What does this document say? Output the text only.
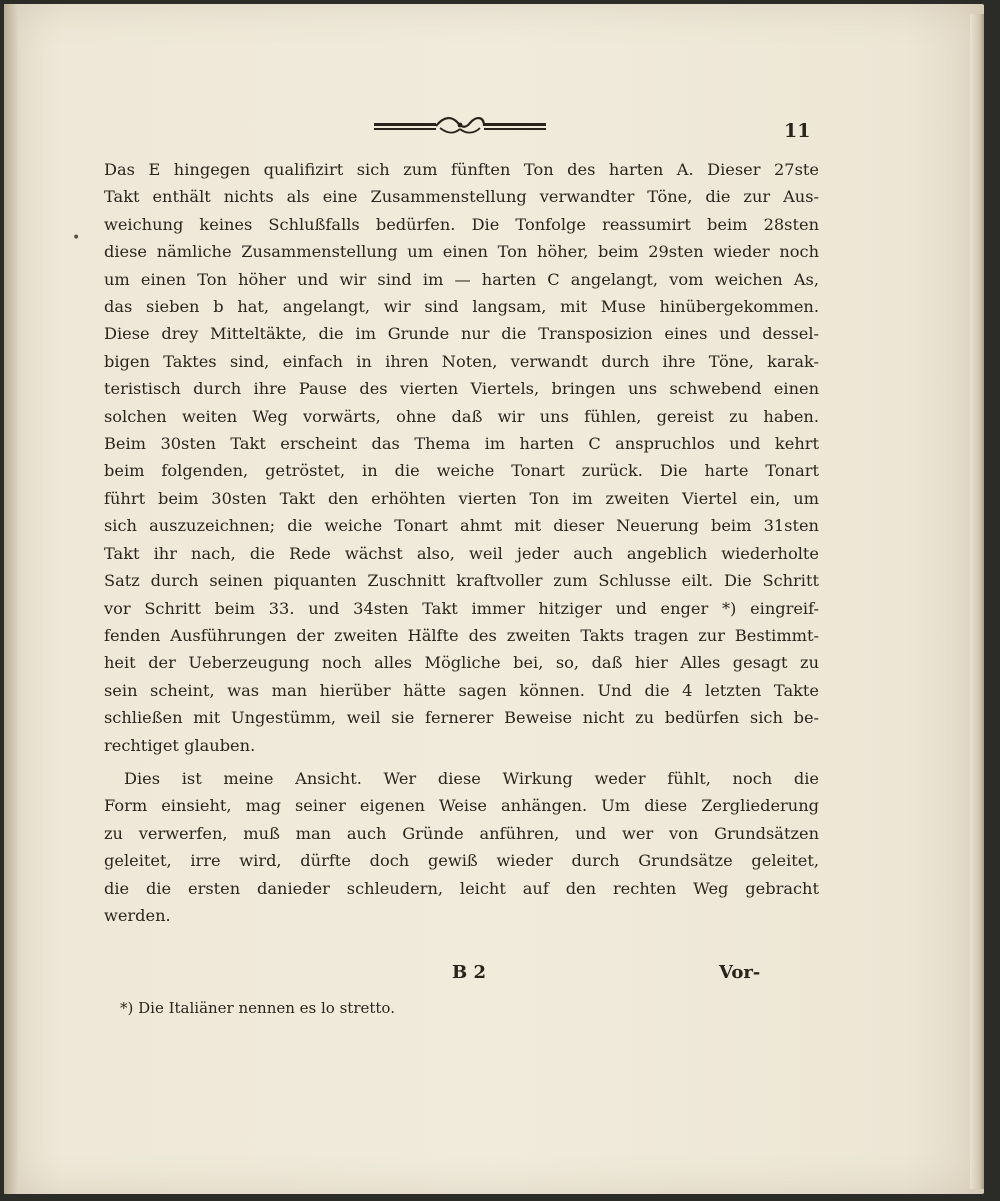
11
•
Das E hingegen qualifizirt sich zum fünften Ton des harten A. Dieser 27ste
Takt enthält nichts als eine Zusammenstellung verwandter Töne, die zur Aus-
weichung keines Schlußfalls bedürfen. Die Tonfolge reassumirt beim 28sten
diese nämliche Zusammenstellung um einen Ton höher, beim 29sten wieder noch
um einen Ton höher und wir sind im — harten C angelangt, vom weichen As,
das sieben b hat, angelangt, wir sind langsam, mit Muse hinübergekommen.
Diese drey Mitteltäkte, die im Grunde nur die Transposizion eines und dessel-
bigen Taktes sind, einfach in ihren Noten, verwandt durch ihre Töne, karak-
teristisch durch ihre Pause des vierten Viertels, bringen uns schwebend einen
solchen weiten Weg vorwärts, ohne daß wir uns fühlen, gereist zu haben.
Beim 30sten Takt erscheint das Thema im harten C anspruchlos und kehrt
beim folgenden, getröstet, in die weiche Tonart zurück. Die harte Tonart
führt beim 30sten Takt den erhöhten vierten Ton im zweiten Viertel ein, um
sich auszuzeichnen; die weiche Tonart ahmt mit dieser Neuerung beim 31sten
Takt ihr nach, die Rede wächst also, weil jeder auch angeblich wiederholte
Satz durch seinen piquanten Zuschnitt kraftvoller zum Schlusse eilt. Die Schritt
vor Schritt beim 33. und 34sten Takt immer hitziger und enger *) eingreif-
fenden Ausführungen der zweiten Hälfte des zweiten Takts tragen zur Bestimmt-
heit der Ueberzeugung noch alles Mögliche bei, so, daß hier Alles gesagt zu
sein scheint, was man hierüber hätte sagen können. Und die 4 letzten Takte
schließen mit Ungestümm, weil sie fernerer Beweise nicht zu bedürfen sich be-
rechtiget glauben.
Dies ist meine Ansicht. Wer diese Wirkung weder fühlt, noch die
Form einsieht, mag seiner eigenen Weise anhängen. Um diese Zergliederung
zu verwerfen, muß man auch Gründe anführen, und wer von Grundsätzen
geleitet, irre wird, dürfte doch gewiß wieder durch Grundsätze geleitet,
die die ersten danieder schleudern, leicht auf den rechten Weg gebracht
werden.
B 2	Vor-
*) Die Italiäner nennen es lo stretto.
